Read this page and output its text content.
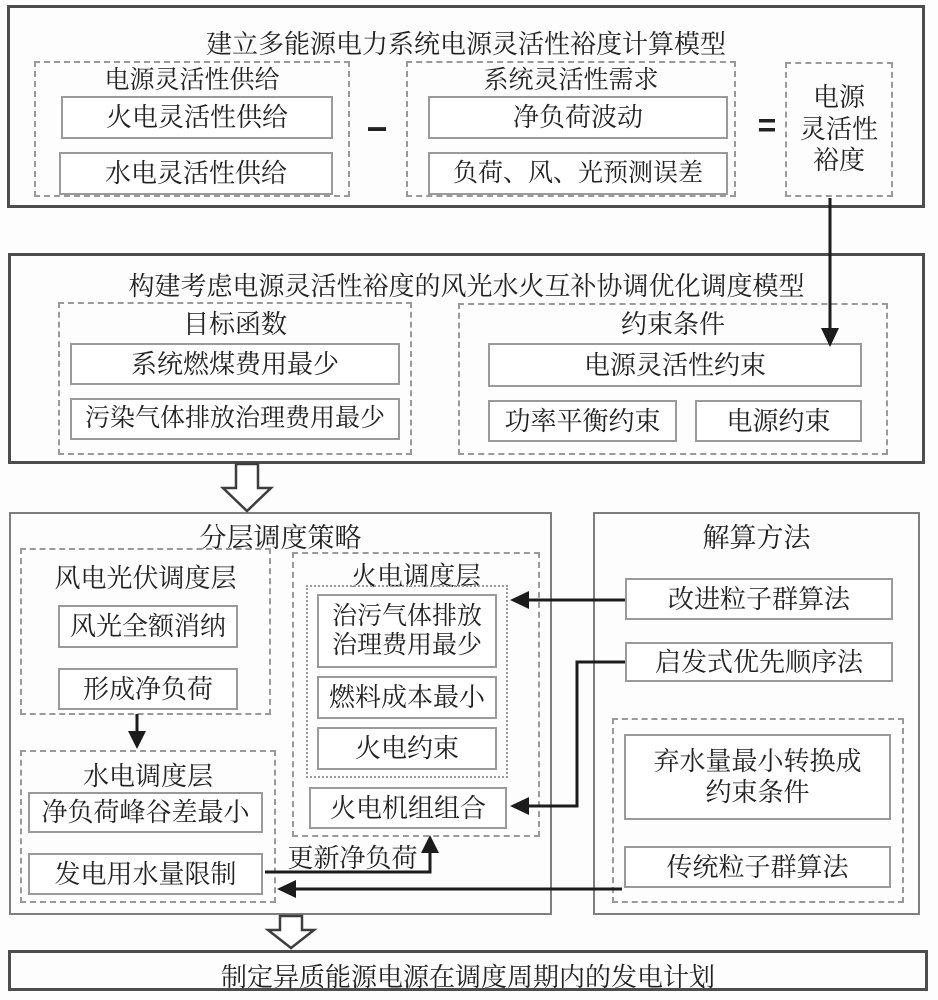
建立多能源电力系统电源灵活性裕度计算模型
电源灵活性供给
火电灵活性供给
水电灵活性供给
−
系统灵活性需求
净负荷波动
负荷、风、光预测误差
=
电源
灵活性
裕度
构建考虑电源灵活性裕度的风光水火互补协调优化调度模型
目标函数
系统燃煤费用最少
污染气体排放治理费用最少
约束条件
电源灵活性约束
功率平衡约束	电源约束
分层调度策略
风电光伏调度层
风光全额消纳
形成净负荷
水电调度层
净负荷峰谷差最小
发电用水量限制
火电调度层
治污气体排放
治理费用最少
燃料成本最小
火电约束
火电机组组合
更新净负荷
解算方法
改进粒子群算法
启发式优先顺序法
弃水量最小转换成
约束条件
传统粒子群算法
制定异质能源电源在调度周期内的发电计划
